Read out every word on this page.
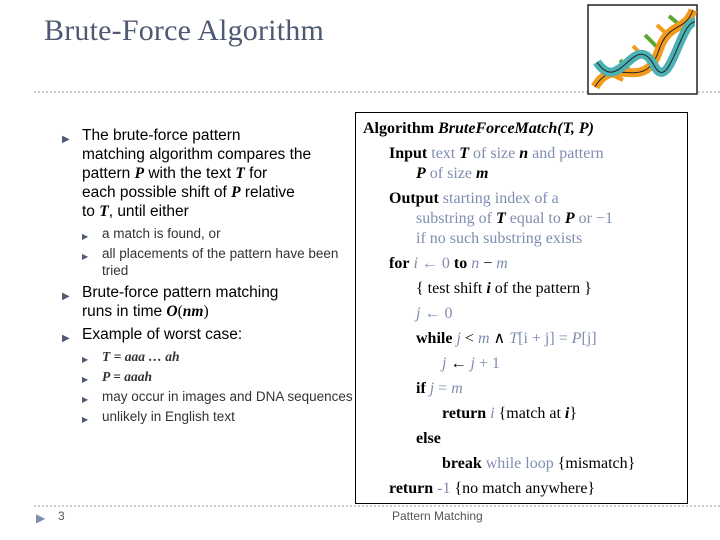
Brute-Force Algorithm
▶ The brute-force pattern
matching algorithm compares the
pattern P with the text T for
each possible shift of P relative
to T, until either
▶ a match is found, or
▶ all placements of the pattern have been tried
▶ Brute-force pattern matching
runs in time O(nm)
▶ Example of worst case:
▶ T = aaa … ah
▶ P = aaah
▶ may occur in images and DNA sequences
▶ unlikely in English text
Algorithm BruteForceMatch(T, P)
Input text T of size n and pattern
P of size m
Output starting index of a
substring of T equal to P or −1
if no such substring exists
for i ← 0 to n − m
{ test shift i of the pattern }
j ← 0
while j < m ∧ T[i + j] = P[j]
j ← j + 1
if j = m
return i {match at i}
else
break while loop {mismatch}
return -1 {no match anywhere}
▶ 3	Pattern Matching
